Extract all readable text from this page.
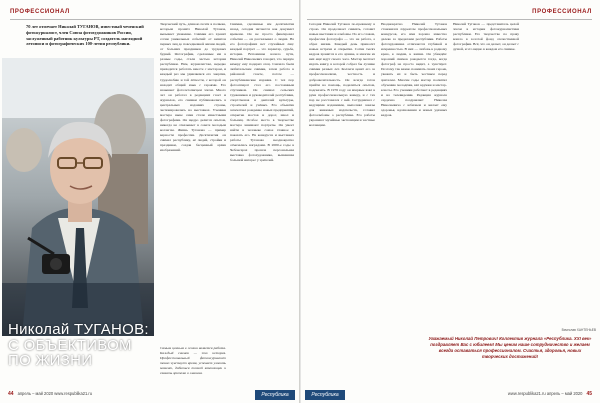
ПРОФЕССИОНАЛ
70 лет отмечает Николай ТУГАНОВ, известный чеченский фотожурналист, член Союза фотохудожников России, заслуженный работник культуры РТ, создатель наглядной летописи и фотографических 100-летия республики.
Николай ТУГАНОВ: С ОБЪЕКТИВОМ ПО ЖИЗНИ
Творческий путь, длиною почти в полвека, которым прошёл Николай Туганов, вызывает уважение. Снимки его хранят сотни уникальных событий: от визитов первых лиц до повседневной жизни людей, от больших праздников до трудовых будней. Фотографии, сделанные им в разные годы, стали частью истории республики. Нам, журналистам, нередко приходится работать вместе с мастером, и каждый раз мы удивляемся его энергии, трудолюбию и той лёгкости, с которой он находит общий язык с героями. Его называют фотолетописцем эпохи. Много лет он работал в редакциях газет и журналов, его снимки публиковались в центральных изданиях страны, экспонировались на выставках. Ученики мастера ныне сами стали известными фотографами. Он щедро делится опытом, никогда не отказывает в совете молодым коллегам. Жизнь Туганова — пример верности профессии. Десятилетия он снимал республику, её людей, стройки и праздники, создав бесценный архив изображений.
Снимки, сделанные им десятилетия назад, сегодня читаются как документ времени. Он не просто фиксировал события — он рассказывал о людях. На его фотографиях нет случайных лиц: каждый портрет — это характер, судьба, история. Вспоминая начало пути, Николай Николаевич говорит, что первую камеру ему подарил отец. Сначала были любительские снимки, затем работа в районной газете, потом — республиканские издания. С тех пор фотоаппарат стал его постоянным спутником. Он снимал сельских тружеников и руководителей республики, спортсменов и деятелей культуры, строителей и учёных. Его объектив запечатлел рождение новых предприятий, открытие мостов и дорог, школ и больниц. Особое место в творчестве мастера занимают портреты. Он умеет найти в человеке самое главное и показать его. На конкурсах и выставках работы Туганова неоднократно отмечались наградами. В 2000-е годы в Чебоксарах прошла персональная выставка фотохудожника, вызвавшая большой интерес у зрителей.
Самым ценным в жизни является работа. Каждый снимок — это история. Профессиональный фотожурналист тонко чувствует время, успевает уловить момент, добиться точной композиции и сказать зрителю о главном.
44 апрель – май 2020 www.respublika21.ru	Республика
ПРОФЕССИОНАЛ
Сегодня Николай Туганов по-прежнему в строю. Он продолжает снимать, готовит новые выставки и альбомы. По его словам, профессия фотографа — это не работа, а образ жизни. Каждый день приносит новые встречи и открытия. Сотни тысяч кадров хранятся в его архиве, и многие из них ещё ждут своего часа. Мастер мечтает издать книгу, в которой собрал бы лучшие снимки разных лет. Коллеги ценят его за профессионализм, честность и доброжелательность. Он всегда готов прийти на помощь, поделиться опытом, подсказать. В 1976 году он впервые взял в руки профессиональную камеру, и с тех пор не расставался с ней. Сотрудничал с ведущими изданиями, выполнял заказы для книжных издательств, готовил фотоальбомы о республике. Его работы украшают музейные экспозиции и частные коллекции.
Неоднократно Николай Туганов становился лауреатом профессиональных конкурсов, его имя хорошо известно далеко за пределами республики. Работы фотохудожника отличаются глубиной и искренностью. В них — любовь к родному краю, к людям, к жизни. Он убеждён: хороший снимок рождается тогда, когда фотограф не просто видит, а чувствует. Поэтому так важно понимать своих героев, уважать их и быть честным перед зрителем. Многие годы мастер посвятил обучению молодёжи, вёл кружки и мастер-классы. Его ученики работают в редакциях и на телевидении. Редакция журнала сердечно поздравляет Николая Николаевича с юбилеем и желает ему здоровья, вдохновения и новых удачных кадров.
Николай Туганов — представитель целой эпохи в истории фотожурналистики республики. Его творчество по праву вошло в золотой фонд отечественной фотографии. Всё, что он делает, он делает с душой, и это видно в каждом его снимке.
Вячеслав ХАНТЕНЬЕВ
Уважаемый Николай Петрович! Коллектив журнала «Республика. XXI век» поздравляет Вас с юбилеем! Мы ценим наше сотрудничество и желаем всегда оставаться профессионалом. Счастья, здоровья, новых творческих достижений!
Республика	www.respublika21.ru апрель – май 2020 45
